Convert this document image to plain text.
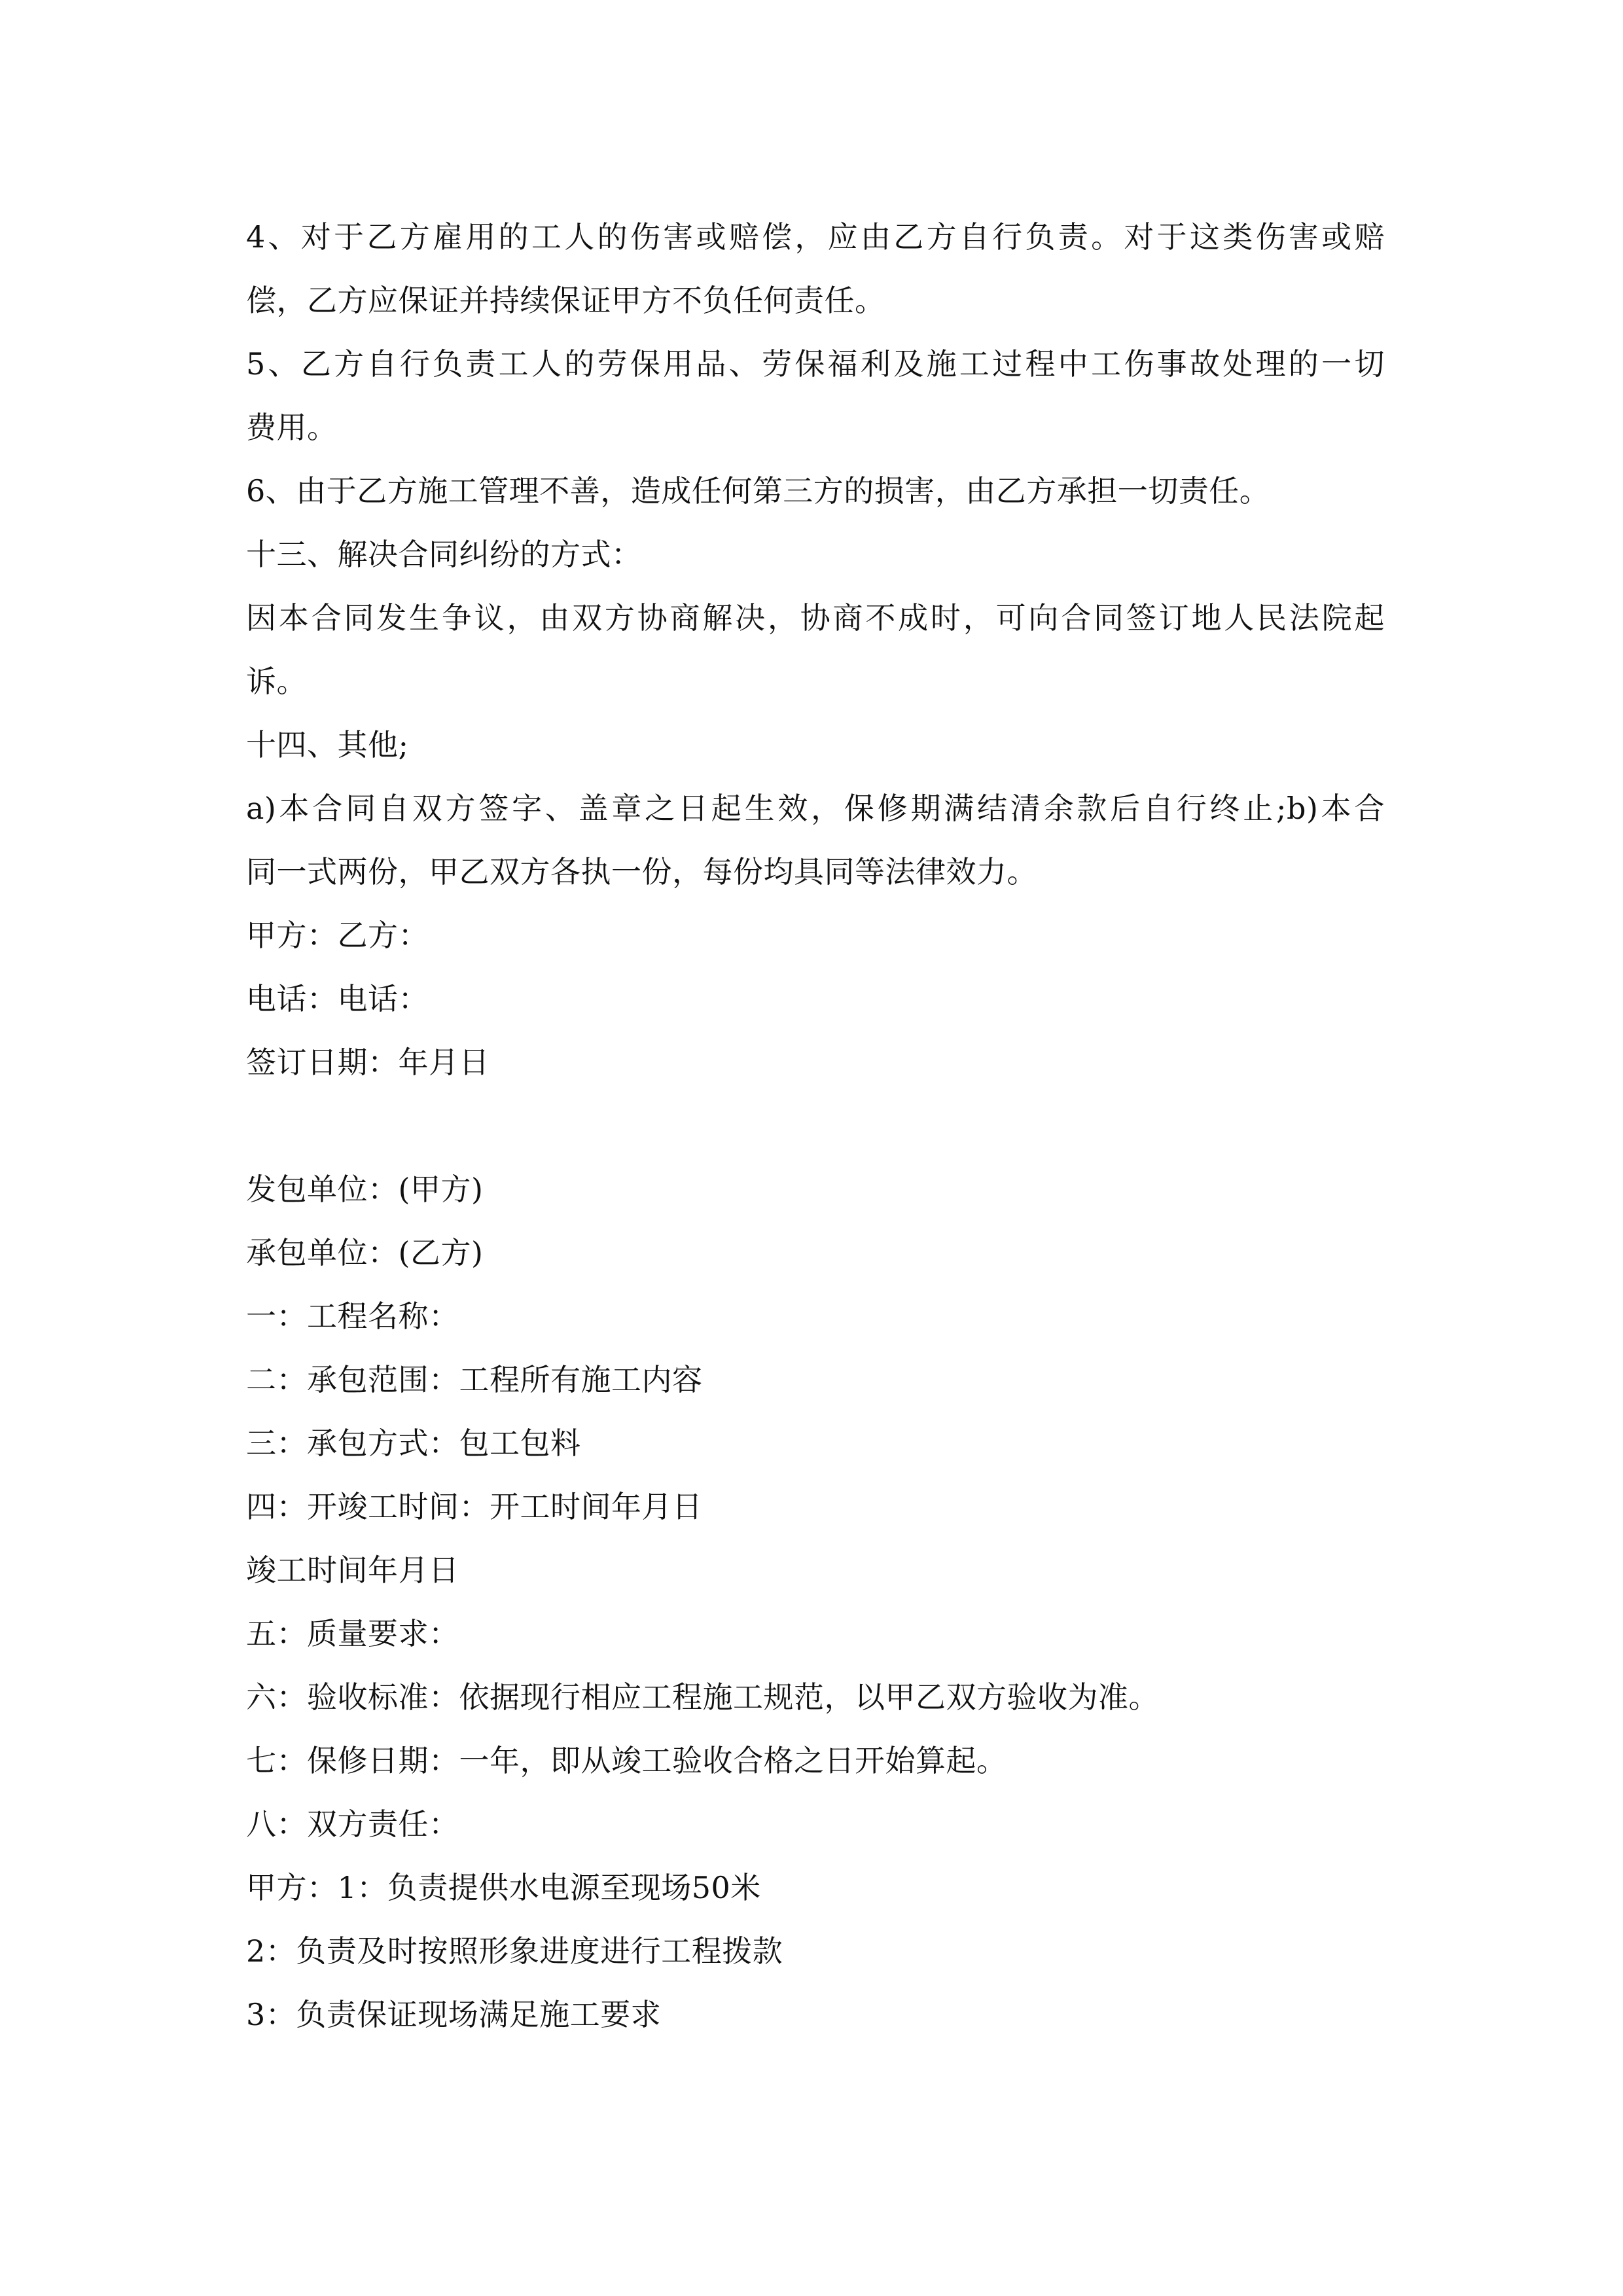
4、对于乙方雇用的工人的伤害或赔偿，应由乙方自行负责。对于这类伤害或赔
偿，乙方应保证并持续保证甲方不负任何责任。
5、乙方自行负责工人的劳保用品、劳保福利及施工过程中工伤事故处理的一切
费用。
6、由于乙方施工管理不善，造成任何第三方的损害，由乙方承担一切责任。
十三、解决合同纠纷的方式：
因本合同发生争议，由双方协商解决，协商不成时，可向合同签订地人民法院起
诉。
十四、其他;
a)本合同自双方签字、盖章之日起生效，保修期满结清余款后自行终止;b)本合
同一式两份，甲乙双方各执一份，每份均具同等法律效力。
甲方：乙方：
电话：电话：
签订日期：年月日
发包单位：(甲方)
承包单位：(乙方)
一：工程名称：
二：承包范围：工程所有施工内容
三：承包方式：包工包料
四：开竣工时间：开工时间年月日
竣工时间年月日
五：质量要求：
六：验收标准：依据现行相应工程施工规范，以甲乙双方验收为准。
七：保修日期：一年，即从竣工验收合格之日开始算起。
八：双方责任：
甲方：1：负责提供水电源至现场50米
2：负责及时按照形象进度进行工程拨款
3：负责保证现场满足施工要求
